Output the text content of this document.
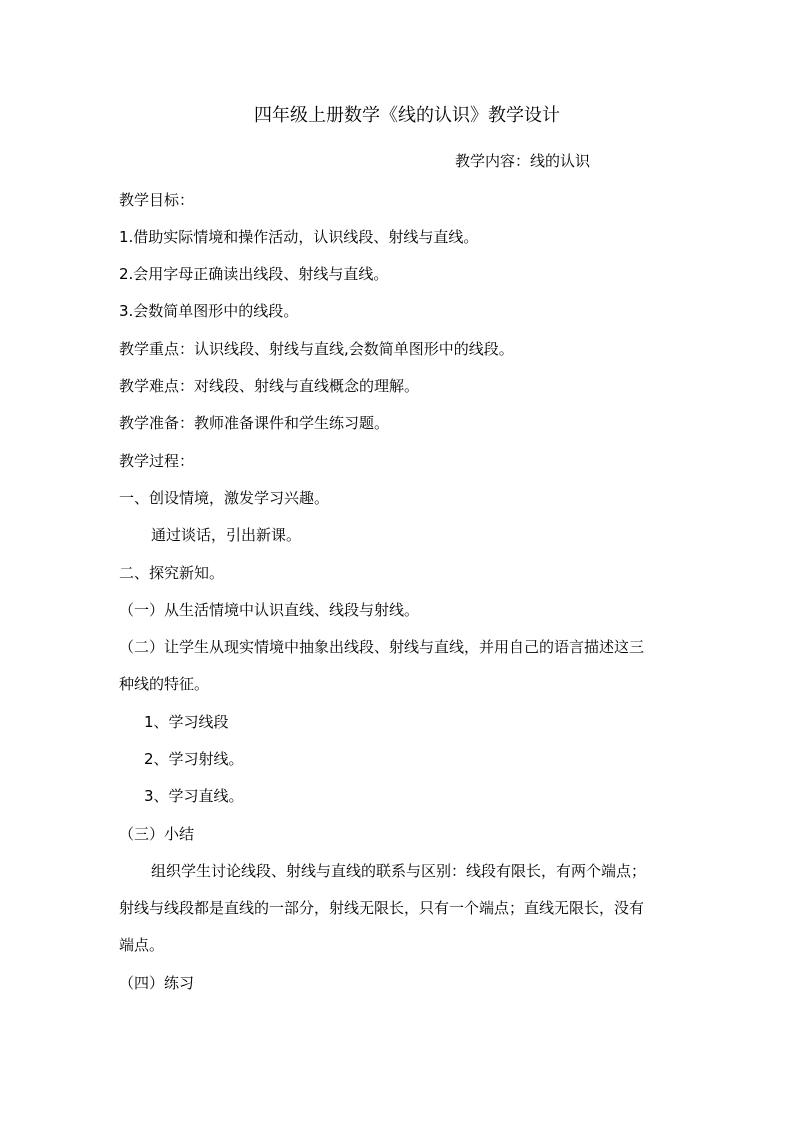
四年级上册数学《线的认识》教学设计
教学内容：线的认识
教学目标：
1.借助实际情境和操作活动，认识线段、射线与直线。
2.会用字母正确读出线段、射线与直线。
3.会数简单图形中的线段。
教学重点：认识线段、射线与直线,会数简单图形中的线段。
教学难点：对线段、射线与直线概念的理解。
教学准备：教师准备课件和学生练习题。
教学过程：
一、创设情境，激发学习兴趣。
通过谈话，引出新课。
二、探究新知。
（一）从生活情境中认识直线、线段与射线。
（二）让学生从现实情境中抽象出线段、射线与直线，并用自己的语言描述这三
种线的特征。
1、学习线段
2、学习射线。
3、学习直线。
（三）小结
组织学生讨论线段、射线与直线的联系与区别：线段有限长，有两个端点；
射线与线段都是直线的一部分，射线无限长，只有一个端点；直线无限长，没有
端点。
（四）练习
